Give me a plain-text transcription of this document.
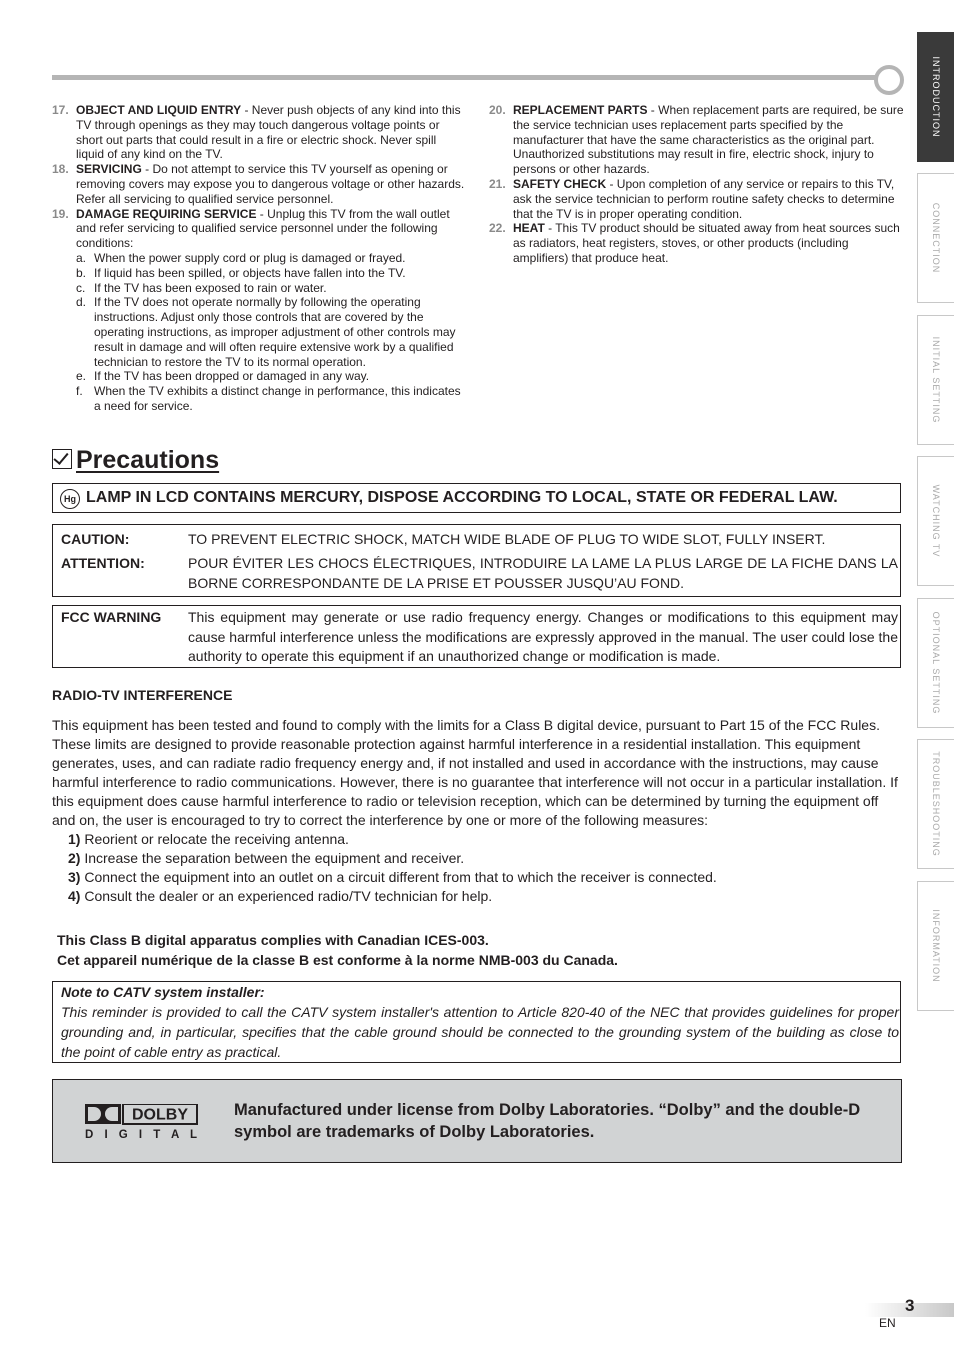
INTRODUCTION
CONNECTION
INITIAL SETTING
WATCHING TV
OPTIONAL SETTING
TROUBLESHOOTING
INFORMATION
17. OBJECT AND LIQUID ENTRY - Never push objects of any kind into this TV through openings as they may touch dangerous voltage points or short out parts that could result in a fire or electric shock. Never spill liquid of any kind on the TV.
18. SERVICING - Do not attempt to service this TV yourself as opening or removing covers may expose you to dangerous voltage or other hazards. Refer all servicing to qualified service personnel.
19. DAMAGE REQUIRING SERVICE - Unplug this TV from the wall outlet and refer servicing to qualified service personnel under the following conditions:
a. When the power supply cord or plug is damaged or frayed.
b. If liquid has been spilled, or objects have fallen into the TV.
c. If the TV has been exposed to rain or water.
d. If the TV does not operate normally by following the operating instructions. Adjust only those controls that are covered by the operating instructions, as improper adjustment of other controls may result in damage and will often require extensive work by a qualified technician to restore the TV to its normal operation.
e. If the TV has been dropped or damaged in any way.
f. When the TV exhibits a distinct change in performance, this indicates a need for service.
20. REPLACEMENT PARTS - When replacement parts are required, be sure the service technician uses replacement parts specified by the manufacturer that have the same characteristics as the original part. Unauthorized substitutions may result in fire, electric shock, injury to persons or other hazards.
21. SAFETY CHECK - Upon completion of any service or repairs to this TV, ask the service technician to perform routine safety checks to determine that the TV is in proper operating condition.
22. HEAT - This TV product should be situated away from heat sources such as radiators, heat registers, stoves, or other products (including amplifiers) that produce heat.
Precautions
Hg LAMP IN LCD CONTAINS MERCURY, DISPOSE ACCORDING TO LOCAL, STATE OR FEDERAL LAW.
CAUTION:	TO PREVENT ELECTRIC SHOCK, MATCH WIDE BLADE OF PLUG TO WIDE SLOT, FULLY INSERT.
ATTENTION:	POUR ÉVITER LES CHOCS ÉLECTRIQUES, INTRODUIRE LA LAME LA PLUS LARGE DE LA FICHE DANS LA BORNE CORRESPONDANTE DE LA PRISE ET POUSSER JUSQU’AU FOND.
FCC WARNING This equipment may generate or use radio frequency energy. Changes or modifications to this equipment may cause harmful interference unless the modifications are expressly approved in the manual. The user could lose the authority to operate this equipment if an unauthorized change or modification is made.
RADIO-TV INTERFERENCE

This equipment has been tested and found to comply with the limits for a Class B digital device, pursuant to Part 15 of the FCC Rules. These limits are designed to provide reasonable protection against harmful interference in a residential installation. This equipment generates, uses, and can radiate radio frequency energy and, if not installed and used in accordance with the instructions, may cause harmful interference to radio communications. However, there is no guarantee that interference will not occur in a particular installation. If this equipment does cause harmful interference to radio or television reception, which can be determined by turning the equipment off and on, the user is encouraged to try to correct the interference by one or more of the following measures:

1) Reorient or relocate the receiving antenna.
2) Increase the separation between the equipment and receiver.
3) Connect the equipment into an outlet on a circuit different from that to which the receiver is connected.
4) Consult the dealer or an experienced radio/TV technician for help.
This Class B digital apparatus complies with Canadian ICES-003.
Cet appareil numérique de la classe B est conforme à la norme NMB-003 du Canada.
Note to CATV system installer:
This reminder is provided to call the CATV system installer's attention to Article 820-40 of the NEC that provides guidelines for proper grounding and, in particular, specifies that the cable ground should be connected to the grounding system of the building as close to the point of cable entry as practical.
DOLBY
D I G I T A L
Manufactured under license from Dolby Laboratories. “Dolby” and the double-D symbol are trademarks of Dolby Laboratories.
3
EN
